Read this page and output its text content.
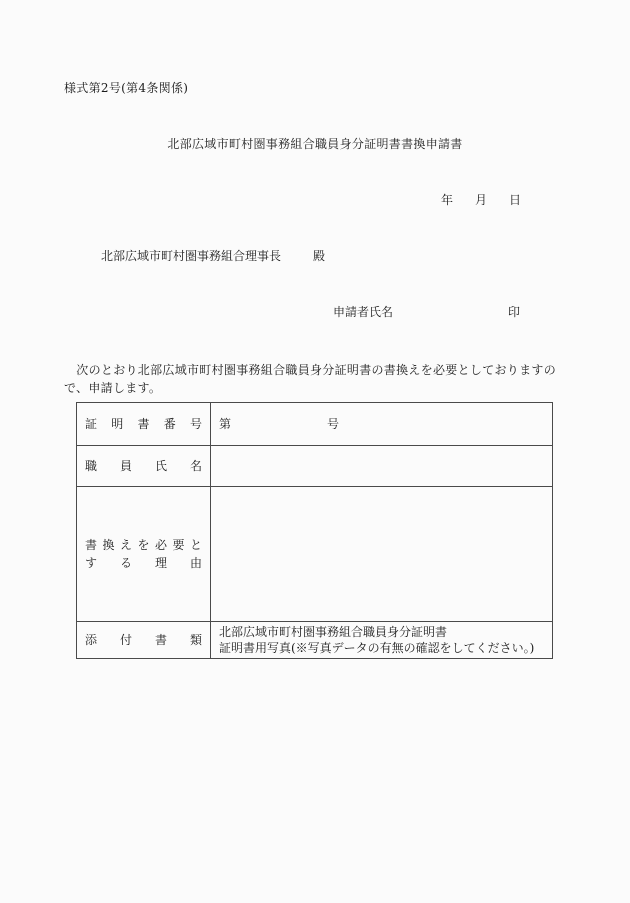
様式第2号(第4条関係)
北部広域市町村圏事務組合職員身分証明書書換申請書
年 月 日
北部広域市町村圏事務組合理事長	殿
申請者氏名	印
　次のとおり北部広域市町村圏事務組合職員身分証明書の書換えを必要としておりますの
で、申請します。
証明書番号	第　　　　　　　　号
職員氏名	

書換えを必要と
する理由	

添付書類	北部広域市町村圏事務組合職員身分証明書
証明書用写真(※写真データの有無の確認をしてください。)
